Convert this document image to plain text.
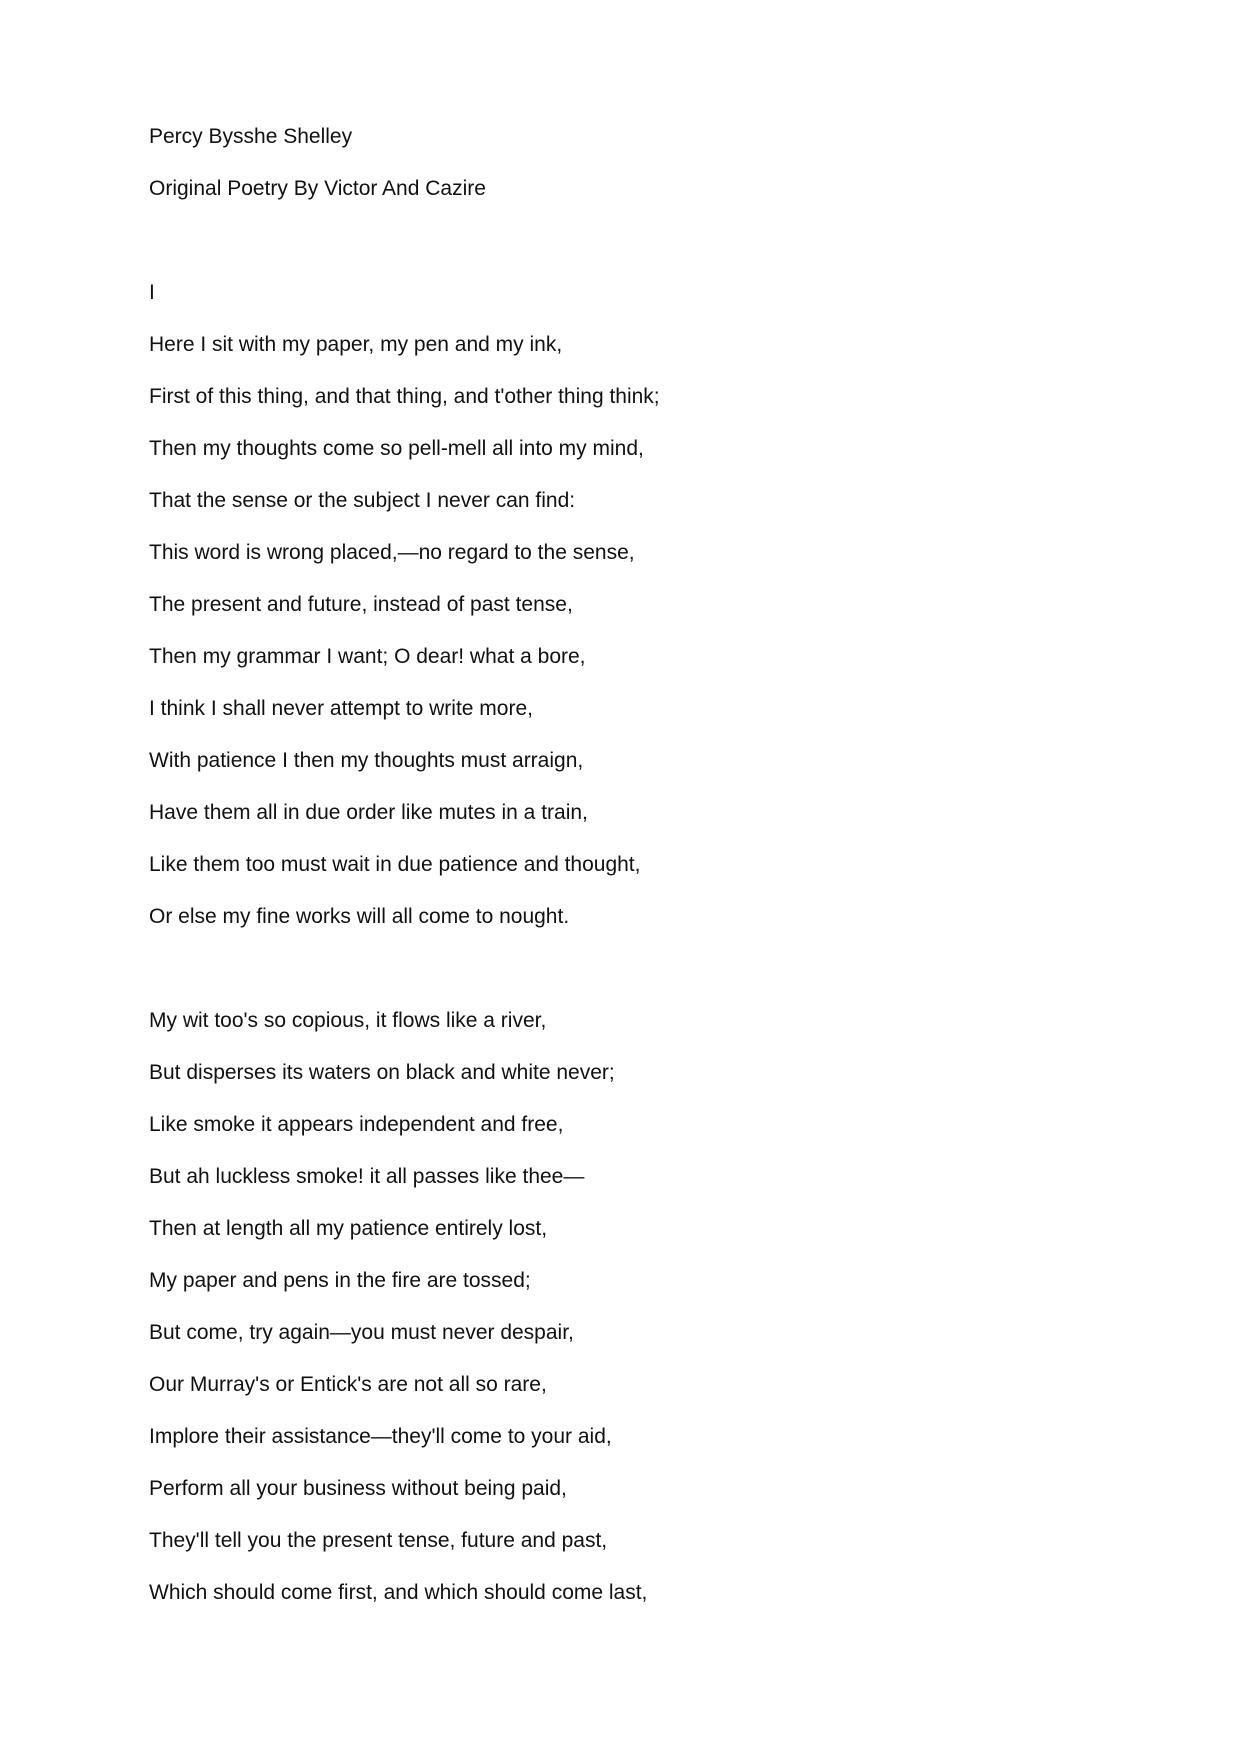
Percy Bysshe Shelley
Original Poetry By Victor And Cazire
I
Here I sit with my paper, my pen and my ink,
First of this thing, and that thing, and t'other thing think;
Then my thoughts come so pell-mell all into my mind,
That the sense or the subject I never can find:
This word is wrong placed,—no regard to the sense,
The present and future, instead of past tense,
Then my grammar I want; O dear! what a bore,
I think I shall never attempt to write more,
With patience I then my thoughts must arraign,
Have them all in due order like mutes in a train,
Like them too must wait in due patience and thought,
Or else my fine works will all come to nought.
My wit too's so copious, it flows like a river,
But disperses its waters on black and white never;
Like smoke it appears independent and free,
But ah luckless smoke! it all passes like thee—
Then at length all my patience entirely lost,
My paper and pens in the fire are tossed;
But come, try again—you must never despair,
Our Murray's or Entick's are not all so rare,
Implore their assistance—they'll come to your aid,
Perform all your business without being paid,
They'll tell you the present tense, future and past,
Which should come first, and which should come last,
